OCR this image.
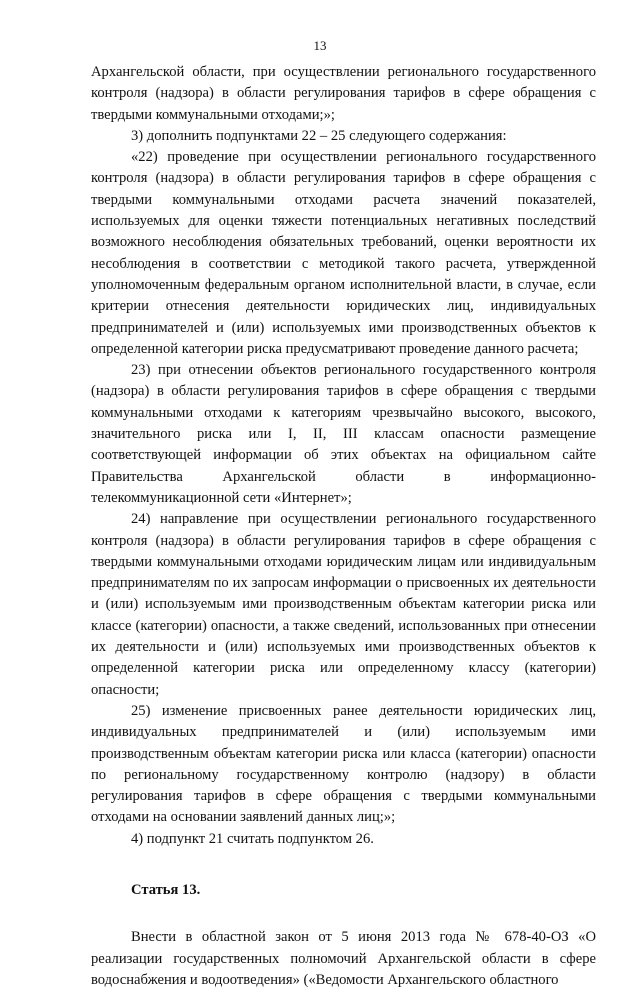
13

Архангельской области, при осуществлении регионального государственного контроля (надзора) в области регулирования тарифов в сфере обращения с твердыми коммунальными отходами;»;

3) дополнить подпунктами 22 – 25 следующего содержания:

«22) проведение при осуществлении регионального государственного контроля (надзора) в области регулирования тарифов в сфере обращения с твердыми коммунальными отходами расчета значений показателей, используемых для оценки тяжести потенциальных негативных последствий возможного несоблюдения обязательных требований, оценки вероятности их несоблюдения в соответствии с методикой такого расчета, утвержденной уполномоченным федеральным органом исполнительной власти, в случае, если критерии отнесения деятельности юридических лиц, индивидуальных предпринимателей и (или) используемых ими производственных объектов к определенной категории риска предусматривают проведение данного расчета;

23) при отнесении объектов регионального государственного контроля (надзора) в области регулирования тарифов в сфере обращения с твердыми коммунальными отходами к категориям чрезвычайно высокого, высокого, значительного риска или I, II, III классам опасности размещение соответствующей информации об этих объектах на официальном сайте Правительства Архангельской области в информационно-телекоммуникационной сети «Интернет»;

24) направление при осуществлении регионального государственного контроля (надзора) в области регулирования тарифов в сфере обращения с твердыми коммунальными отходами юридическим лицам или индивидуальным предпринимателям по их запросам информации о присвоенных их деятельности и (или) используемым ими производственным объектам категории риска или классе (категории) опасности, а также сведений, использованных при отнесении их деятельности и (или) используемых ими производственных объектов к определенной категории риска или определенному классу (категории) опасности;

25) изменение присвоенных ранее деятельности юридических лиц, индивидуальных предпринимателей и (или) используемым ими производственным объектам категории риска или класса (категории) опасности по региональному государственному контролю (надзору) в области регулирования тарифов в сфере обращения с твердыми коммунальными отходами на основании заявлений данных лиц;»;

4) подпункт 21 считать подпунктом 26.

Статья 13.

Внести в областной закон от 5 июня 2013 года № 678-40-ОЗ «О реализации государственных полномочий Архангельской области в сфере водоснабжения и водоотведения» («Ведомости Архангельского областного
